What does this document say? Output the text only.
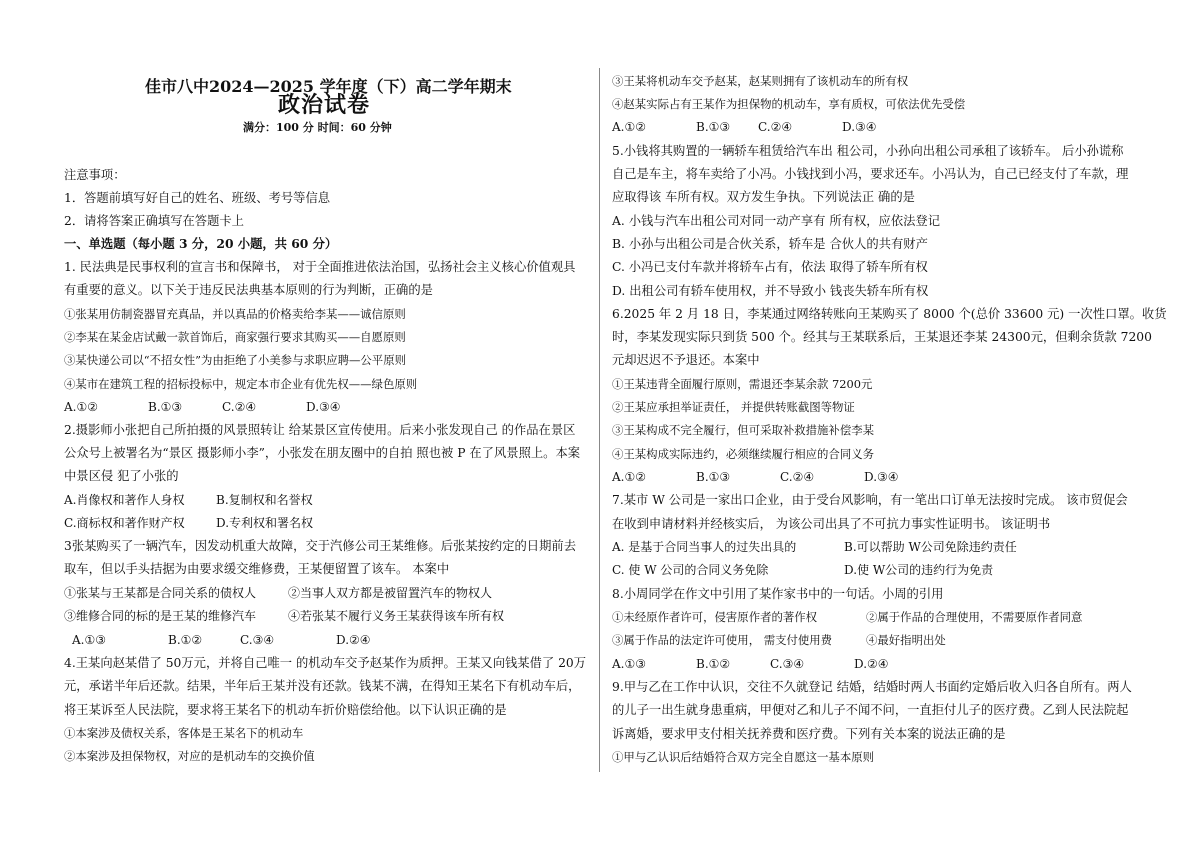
佳市八中2024—2025 学年度（下）高二学年期末
政治试卷
满分：100 分 时间：60 分钟
注意事项：
1．答题前填写好自己的姓名、班级、考号等信息
2．请将答案正确填写在答题卡上
一、单选题（每小题 3 分，20 小题，共 60 分）
1. 民法典是民事权利的宣言书和保障书， 对于全面推进依法治国，弘扬社会主义核心价值观具
有重要的意义。以下关于违反民法典基本原则的行为判断，正确的是
①张某用仿制瓷器冒充真品，并以真品的价格卖给李某——诚信原则
②李某在某金店试戴一款首饰后，商家强行要求其购买——自愿原则
③某快递公司以“不招女性”为由拒绝了小美参与求职应聘—公平原则
④某市在建筑工程的招标投标中，规定本市企业有优先权——绿色原则
A.①②	B.①③	C.②④	D.③④
2.摄影师小张把自己所拍摄的风景照转让 给某景区宣传使用。后来小张发现自己 的作品在景区
公众号上被署名为“景区 摄影师小李”，小张发在朋友圈中的自拍 照也被 P 在了风景照上。本案
中景区侵 犯了小张的
A.肖像权和著作人身权	B.复制权和名誉权
C.商标权和著作财产权	D.专利权和署名权
3张某购买了一辆汽车，因发动机重大故障，交于汽修公司王某维修。后张某按约定的日期前去
取车，但以手头拮据为由要求缓交维修费，王某便留置了该车。 本案中
①张某与王某都是合同关系的债权人	②当事人双方都是被留置汽车的物权人
③维修合同的标的是王某的维修汽车	④若张某不履行义务王某获得该车所有权
A.①③	B.①②	C.③④	D.②④
4.王某向赵某借了 50万元，并将自己唯一 的机动车交予赵某作为质押。王某又向钱某借了 20万
元，承诺半年后还款。结果，半年后王某并没有还款。钱某不满，在得知王某名下有机动车后，
将王某诉至人民法院，要求将王某名下的机动车折价赔偿给他。以下认识正确的是
①本案涉及债权关系，客体是王某名下的机动车
②本案涉及担保物权，对应的是机动车的交换价值
③王某将机动车交予赵某，赵某则拥有了该机动车的所有权
④赵某实际占有王某作为担保物的机动车，享有质权，可依法优先受偿
A.①②	B.①③ C.②④	D.③④
5.小钱将其购置的一辆轿车租赁给汽车出 租公司，小孙向出租公司承租了该轿车。 后小孙谎称
自己是车主，将车卖给了小冯。小钱找到小冯，要求还车。小冯认为，自己已经支付了车款，理
应取得该 车所有权。双方发生争执。下列说法正 确的是
A. 小钱与汽车出租公司对同一动产享有 所有权，应依法登记
B. 小孙与出租公司是合伙关系，轿车是 合伙人的共有财产
C. 小冯已支付车款并将轿车占有，依法 取得了轿车所有权
D. 出租公司有轿车使用权，并不导致小 钱丧失轿车所有权
6.2025 年 2 月 18 日，李某通过网络转账向王某购买了 8000 个(总价 33600 元) 一次性口罩。收货
时，李某发现实际只到货 500 个。经其与王某联系后，王某退还李某 24300元，但剩余货款 7200
元却迟迟不予退还。本案中
①王某违背全面履行原则，需退还李某余款 7200元
②王某应承担举证责任， 并提供转账截图等物证
③王某构成不完全履行，但可采取补救措施补偿李某
④王某构成实际违约，必须继续履行相应的合同义务
A.①②	B.①③	C.②④	D.③④
7.某市 W 公司是一家出口企业，由于受台风影响，有一笔出口订单无法按时完成。 该市贸促会
在收到申请材料并经核实后， 为该公司出具了不可抗力事实性证明书。 该证明书
A. 是基于合同当事人的过失出具的	B.可以帮助 W公司免除违约责任
C. 使 W 公司的合同义务免除	D.使 W公司的违约行为免责
8.小周同学在作文中引用了某作家书中的一句话。小周的引用
①未经原作者许可，侵害原作者的著作权	②属于作品的合理使用，不需要原作者同意
③属于作品的法定许可使用， 需支付使用费	④最好指明出处
A.①③	B.①②	C.③④	D.②④
9.甲与乙在工作中认识，交往不久就登记 结婚，结婚时两人书面约定婚后收入归各自所有。两人
的儿子一出生就身患重病，甲便对乙和儿子不闻不问，一直拒付儿子的医疗费。乙到人民法院起
诉离婚，要求甲支付相关抚养费和医疗费。下列有关本案的说法正确的是
①甲与乙认识后结婚符合双方完全自愿这一基本原则
